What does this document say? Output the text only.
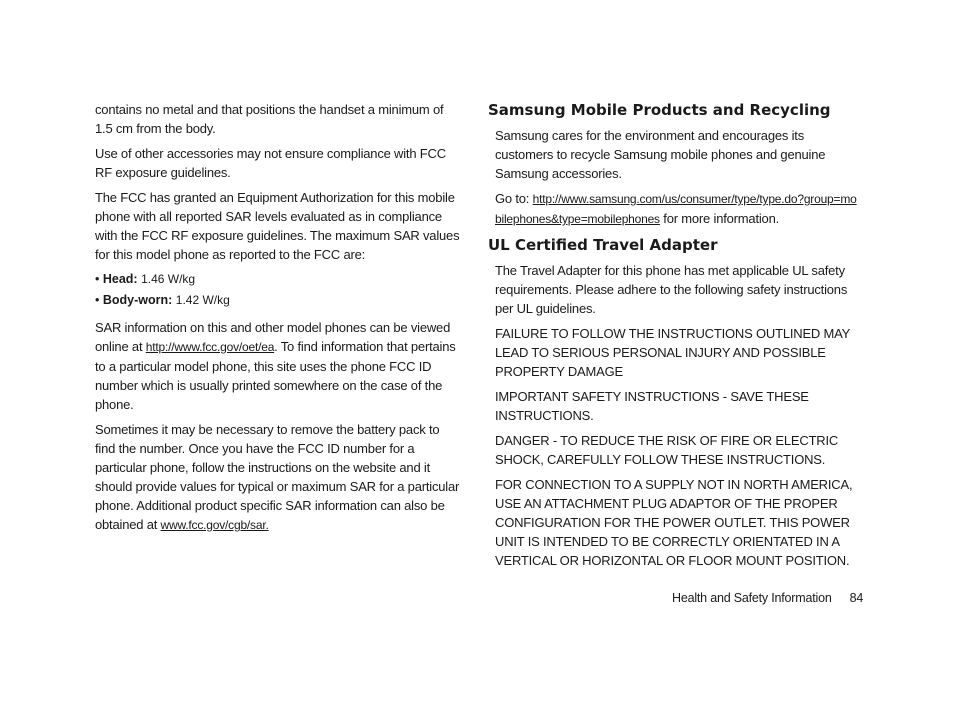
contains no metal and that positions the handset a minimum of 1.5 cm from the body.

Use of other accessories may not ensure compliance with FCC RF exposure guidelines.

The FCC has granted an Equipment Authorization for this mobile phone with all reported SAR levels evaluated as in compliance with the FCC RF exposure guidelines. The maximum SAR values for this model phone as reported to the FCC are:

• Head: 1.46 W/kg
• Body-worn: 1.42 W/kg

SAR information on this and other model phones can be viewed online at http://www.fcc.gov/oet/ea. To find information that pertains to a particular model phone, this site uses the phone FCC ID number which is usually printed somewhere on the case of the phone.

Sometimes it may be necessary to remove the battery pack to find the number. Once you have the FCC ID number for a particular phone, follow the instructions on the website and it should provide values for typical or maximum SAR for a particular phone. Additional product specific SAR information can also be obtained at www.fcc.gov/cgb/sar.

Samsung Mobile Products and Recycling

Samsung cares for the environment and encourages its customers to recycle Samsung mobile phones and genuine Samsung accessories.

Go to: http://www.samsung.com/us/consumer/type/type.do?group=mobilephones&type=mobilephones for more information.

UL Certified Travel Adapter

The Travel Adapter for this phone has met applicable UL safety requirements. Please adhere to the following safety instructions per UL guidelines.

FAILURE TO FOLLOW THE INSTRUCTIONS OUTLINED MAY LEAD TO SERIOUS PERSONAL INJURY AND POSSIBLE PROPERTY DAMAGE

IMPORTANT SAFETY INSTRUCTIONS - SAVE THESE INSTRUCTIONS.

DANGER - TO REDUCE THE RISK OF FIRE OR ELECTRIC SHOCK, CAREFULLY FOLLOW THESE INSTRUCTIONS.

FOR CONNECTION TO A SUPPLY NOT IN NORTH AMERICA, USE AN ATTACHMENT PLUG ADAPTOR OF THE PROPER CONFIGURATION FOR THE POWER OUTLET. THIS POWER UNIT IS INTENDED TO BE CORRECTLY ORIENTATED IN A VERTICAL OR HORIZONTAL OR FLOOR MOUNT POSITION.

Health and Safety Information 84
